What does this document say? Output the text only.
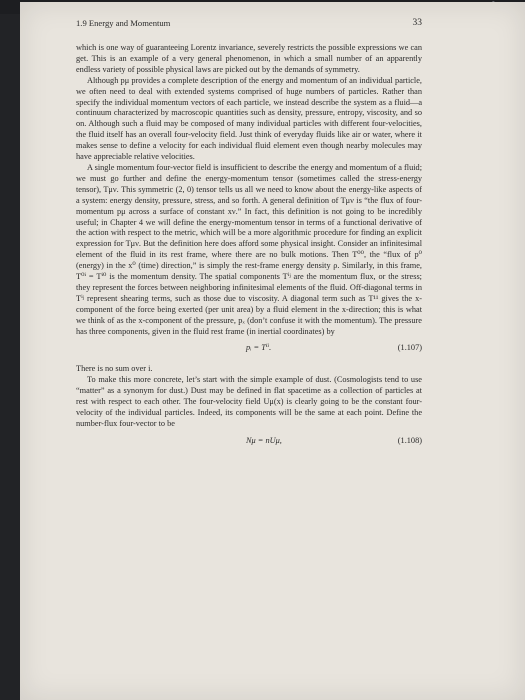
1.9 Energy and Momentum	33

which is one way of guaranteeing Lorentz invariance, severely restricts the possible expressions we can get. This is an example of a very general phenomenon, in which a small number of an apparently endless variety of possible physical laws are picked out by the demands of symmetry.

Although pμ provides a complete description of the energy and momentum of an individual particle, we often need to deal with extended systems comprised of huge numbers of particles. Rather than specify the individual momentum vectors of each particle, we instead describe the system as a fluid—a continuum characterized by macroscopic quantities such as density, pressure, entropy, viscosity, and so on. Although such a fluid may be composed of many individual particles with different four-velocities, the fluid itself has an overall four-velocity field. Just think of everyday fluids like air or water, where it makes sense to define a velocity for each individual fluid element even though nearby molecules may have appreciable relative velocities.

A single momentum four-vector field is insufficient to describe the energy and momentum of a fluid; we must go further and define the energy-momentum tensor (sometimes called the stress-energy tensor), Tμν. This symmetric (2, 0) tensor tells us all we need to know about the energy-like aspects of a system: energy density, pressure, stress, and so forth. A general definition of Tμν is “the flux of four-momentum pμ across a surface of constant xν.” In fact, this definition is not going to be incredibly useful; in Chapter 4 we will define the energy-momentum tensor in terms of a functional derivative of the action with respect to the metric, which will be a more algorithmic procedure for finding an explicit expression for Tμν. But the definition here does afford some physical insight. Consider an infinitesimal element of the fluid in its rest frame, where there are no bulk motions. Then T⁰⁰, the “flux of p⁰ (energy) in the x⁰ (time) direction,” is simply the rest-frame energy density ρ. Similarly, in this frame, T⁰ⁱ = Tⁱ⁰ is the momentum density. The spatial components Tⁱʲ are the momentum flux, or the stress; they represent the forces between neighboring infinitesimal elements of the fluid. Off-diagonal terms in Tⁱʲ represent shearing terms, such as those due to viscosity. A diagonal term such as T¹¹ gives the x-component of the force being exerted (per unit area) by a fluid element in the x-direction; this is what we think of as the x-component of the pressure, pₓ (don’t confuse it with the momentum). The pressure has three components, given in the fluid rest frame (in inertial coordinates) by

pᵢ = Tⁱⁱ.	(1.107)

There is no sum over i.

To make this more concrete, let’s start with the simple example of dust. (Cosmologists tend to use “matter” as a synonym for dust.) Dust may be defined in flat spacetime as a collection of particles at rest with respect to each other. The four-velocity field Uμ(x) is clearly going to be the constant four-velocity of the individual particles. Indeed, its components will be the same at each point. Define the number-flux four-vector to be

Nμ = nUμ,	(1.108)
